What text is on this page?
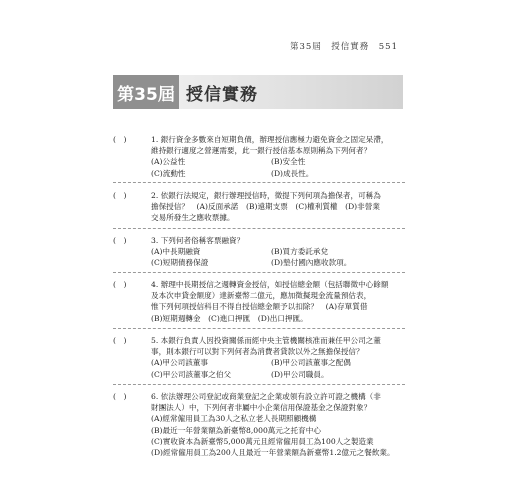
第35屆　授信實務　551
第35屆 授信實務
(　)	1. 銀行資金多數來自短期負債，辦理授信應極力避免資金之固定呆滯，
維持銀行適度之營運需要，此一銀行授信基本原則稱為下列何者？
(A)公益性	(B)安全性
(C)流動性	(D)成長性。
(　)	2. 依銀行法規定，銀行辦理授信時，徵提下列何項為擔保者，可稱為
擔保授信？　(A)反面承諾　(B)遠期支票　(C)權利質權　(D)非營業
交易所發生之應收票據。
(　)	3. 下列何者俗稱客票融資？
(A)中長期融資	(B)買方委託承兌
(C)短期債務保證	(D)墊付國內應收款項。
(　)	4. 辦理中長期授信之週轉資金授信，如授信總金額（包括聯徵中心餘額
及本次申貸金額度）達新臺幣二億元，應加徵擬現金流量預估表，
惟下列何項授信科目不得自授信總金額予以扣除？　(A)存單質借
(B)短期週轉金　(C)進口押匯　(D)出口押匯。
(　)	5. 本銀行負責人因投資關係而經中央主管機關核准而兼任甲公司之董
事，則本銀行可以對下列何者為消費者貸款以外之無擔保授信？
(A)甲公司該董事	(B)甲公司該董事之配偶
(C)甲公司該董事之伯父	(D)甲公司職員。
(　)	6. 依法辦理公司登記或商業登記之企業或領有設立許可證之機構（非
財團法人）中，下列何者非屬中小企業信用保證基金之保證對象？
(A)經常僱用員工為30人之私立老人長期照顧機構
(B)最近一年營業額為新臺幣8,000萬元之托育中心
(C)實收資本為新臺幣5,000萬元且經常僱用員工為100人之製造業
(D)經常僱用員工為200人且最近一年營業額為新臺幣1.2億元之餐飲業。
